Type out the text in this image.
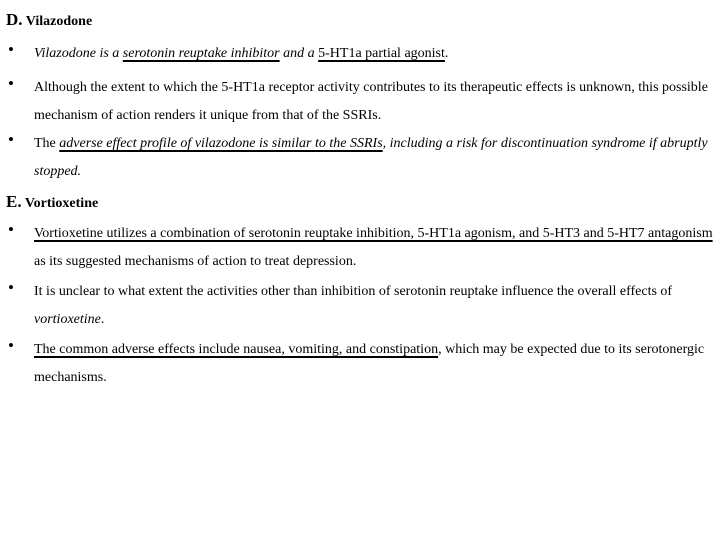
D. Vilazodone
• Vilazodone is a serotonin reuptake inhibitor and a 5-HT1a partial agonist.
• Although the extent to which the 5-HT1a receptor activity contributes to its therapeutic effects is unknown, this possible mechanism of action renders it unique from that of the SSRIs.
• The adverse effect profile of vilazodone is similar to the SSRIs, including a risk for discontinuation syndrome if abruptly stopped.
E. Vortioxetine
• Vortioxetine utilizes a combination of serotonin reuptake inhibition, 5-HT1a agonism, and 5-HT3 and 5-HT7 antagonism as its suggested mechanisms of action to treat depression.
• It is unclear to what extent the activities other than inhibition of serotonin reuptake influence the overall effects of vortioxetine.
• The common adverse effects include nausea, vomiting, and constipation, which may be expected due to its serotonergic mechanisms.
